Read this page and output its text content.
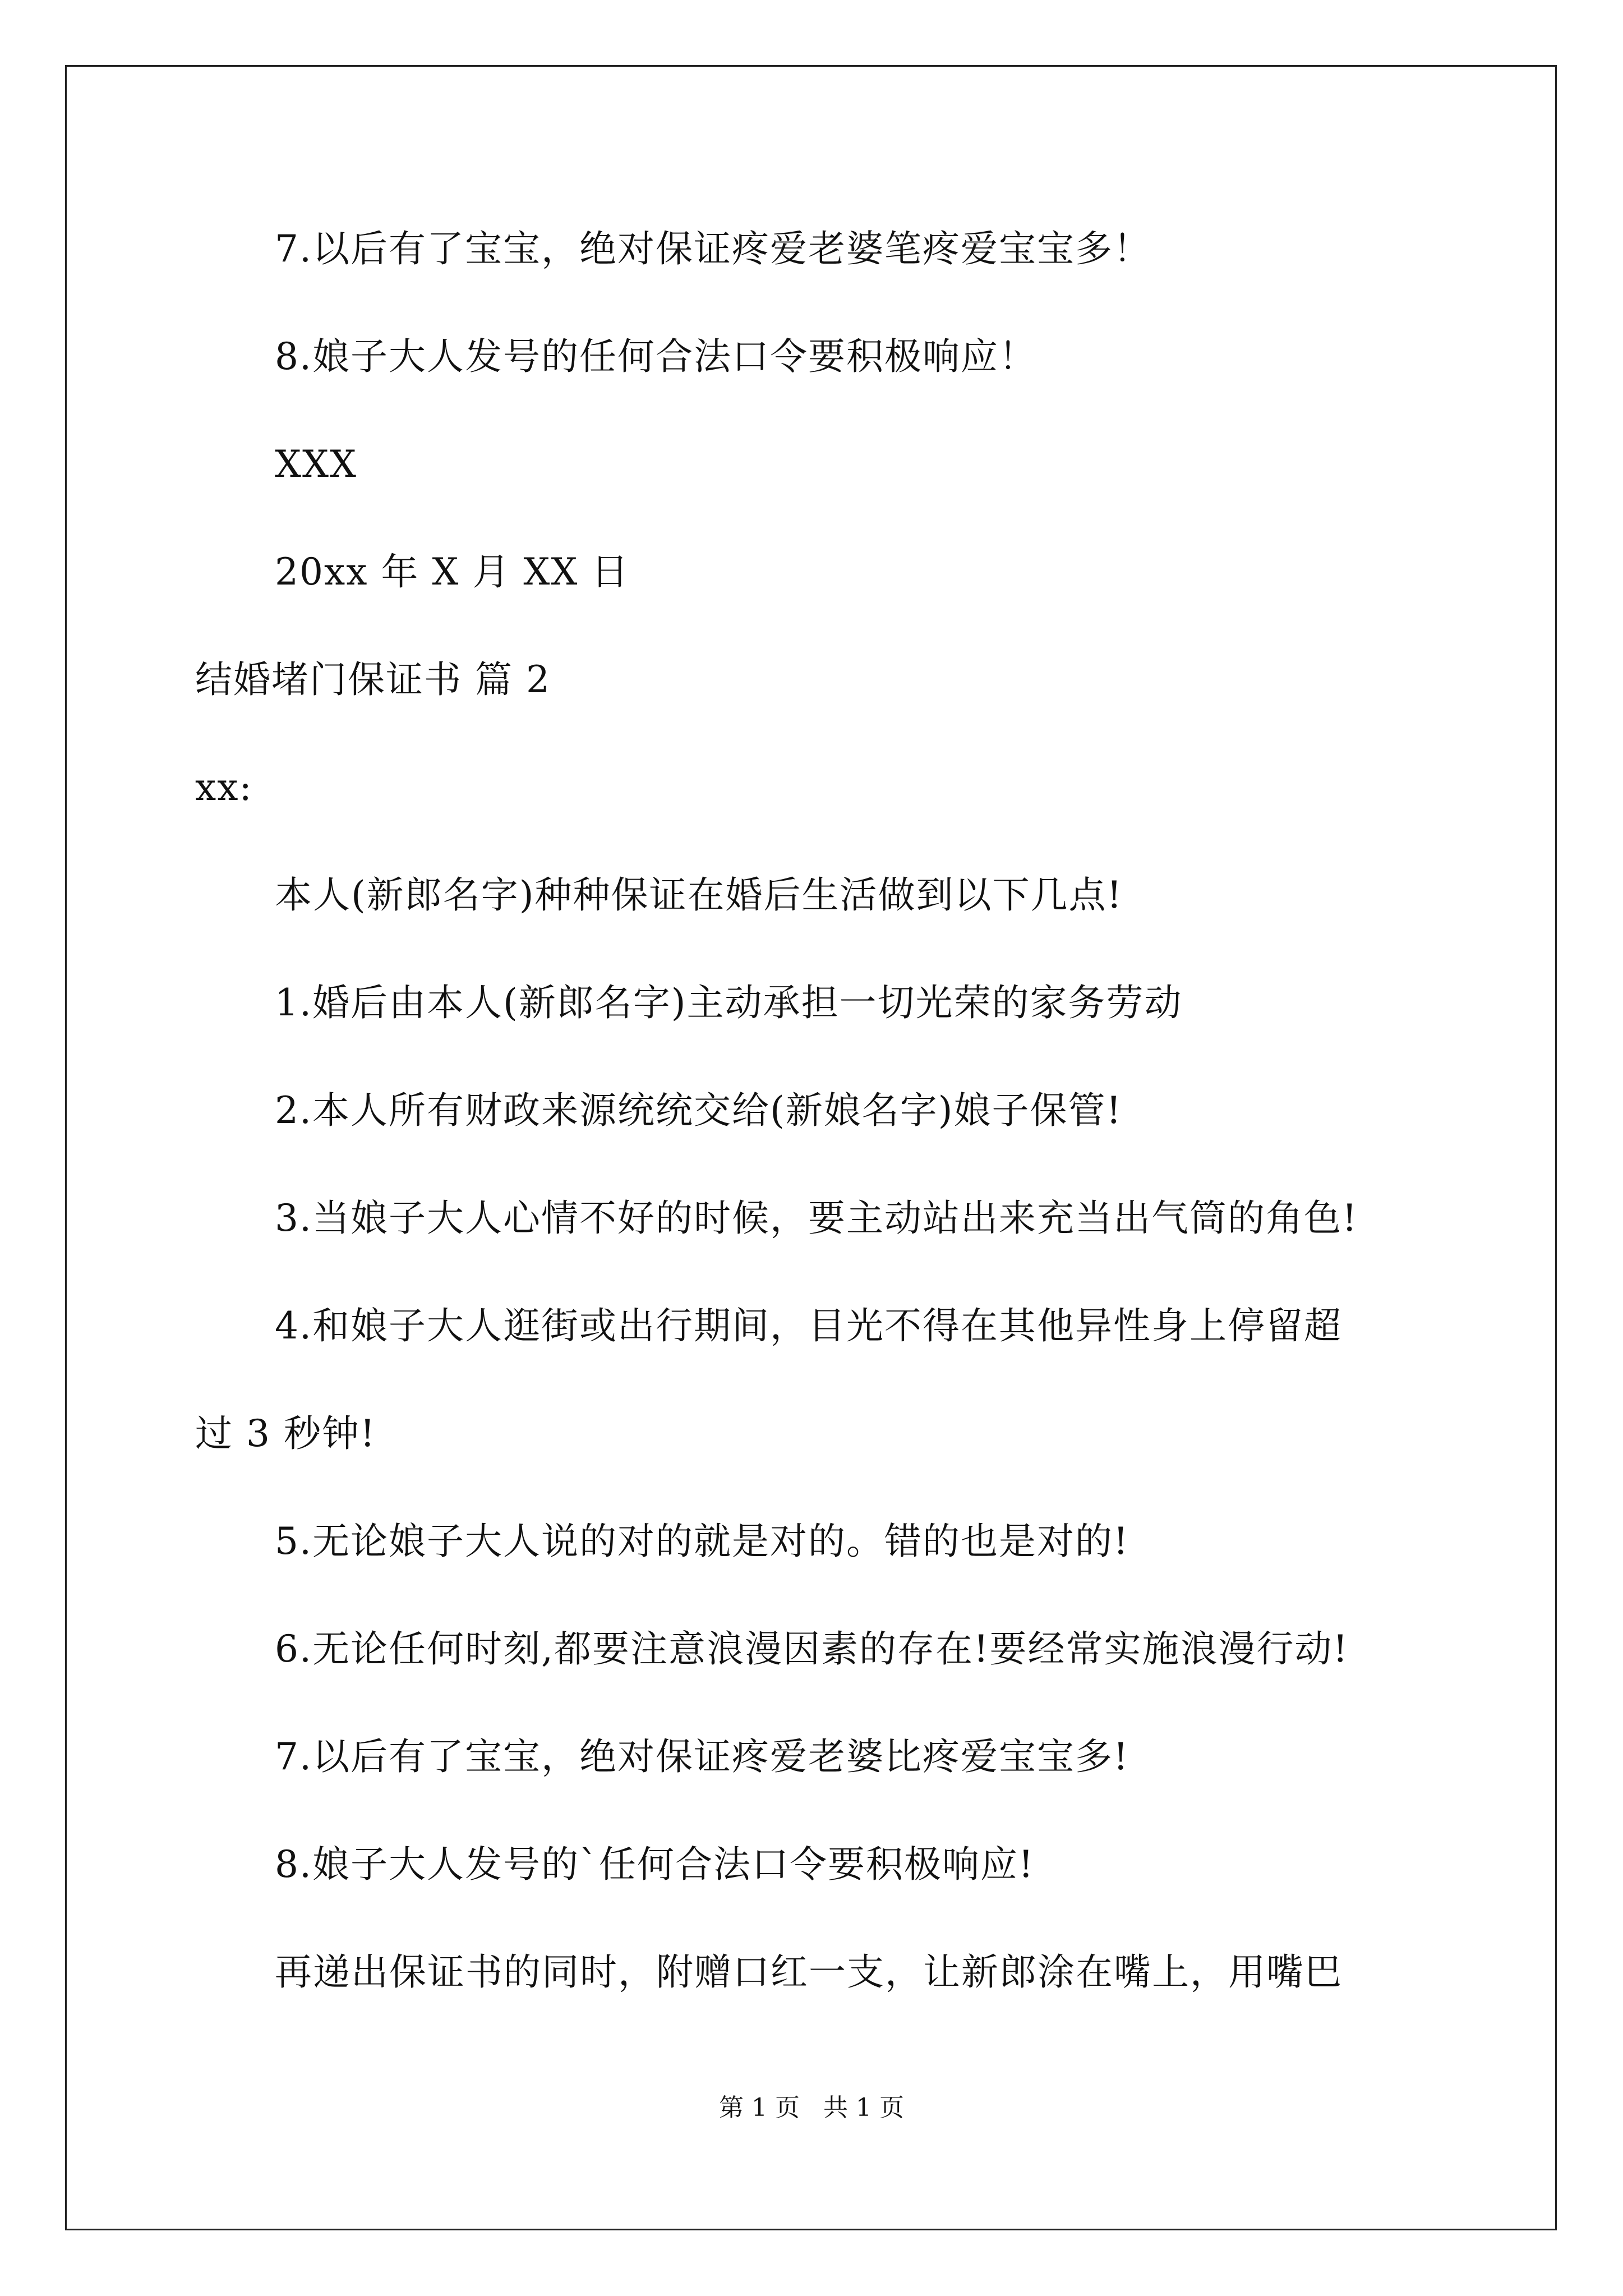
7.以后有了宝宝，绝对保证疼爱老婆笔疼爱宝宝多！
8.娘子大人发号的任何合法口令要积极响应！
XXX
20xx 年 X 月 XX 日
结婚堵门保证书 篇 2
xx:
本人(新郎名字)种种保证在婚后生活做到以下几点!
1.婚后由本人(新郎名字)主动承担一切光荣的家务劳动
2.本人所有财政来源统统交给(新娘名字)娘子保管!
3.当娘子大人心情不好的时候，要主动站出来充当出气筒的角色!
4.和娘子大人逛街或出行期间，目光不得在其他异性身上停留超
过 3 秒钟!
5.无论娘子大人说的对的就是对的。错的也是对的!
6.无论任何时刻,都要注意浪漫因素的存在!要经常实施浪漫行动!
7.以后有了宝宝，绝对保证疼爱老婆比疼爱宝宝多!
8.娘子大人发号的`任何合法口令要积极响应!
再递出保证书的同时，附赠口红一支，让新郎涂在嘴上，用嘴巴
第 1 页   共 1 页
